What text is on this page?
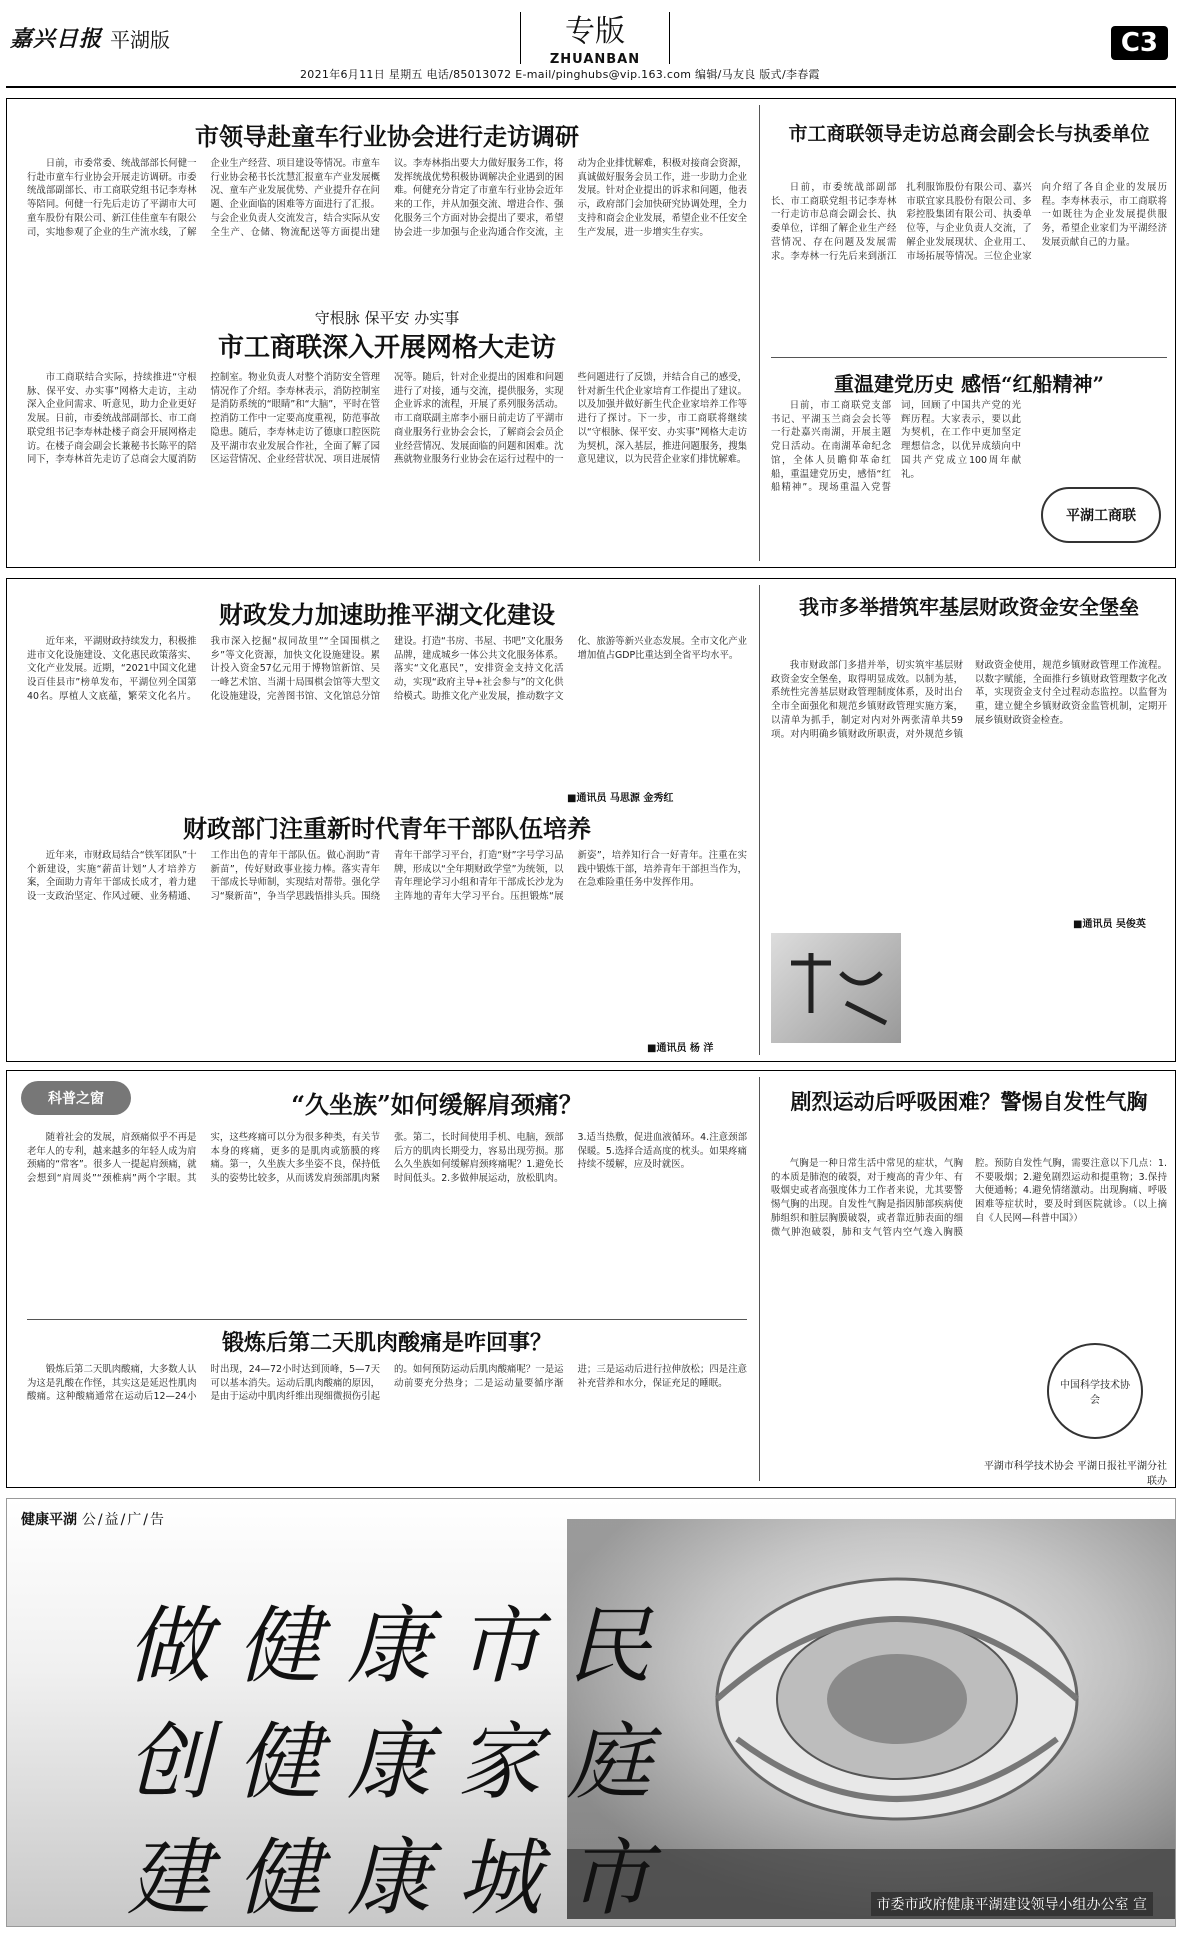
嘉兴日报 平湖版	专版
ZHUANBAN
C3
2021年6月11日 星期五 电话/85013072 E-mail/pinghubs@vip.163.com 编辑/马友良 版式/李春霞
市领导赴童车行业协会进行走访调研

日前，市委常委、统战部部长何健一行赴市童车行业协会开展走访调研。市委统战部副部长、市工商联党组书记李寿林等陪同。何健一行先后走访了平湖市大可童车股份有限公司、新江佳佳童车有限公司，实地参观了企业的生产流水线，了解企业生产经营、项目建设等情况。市童车行业协会秘书长沈慧汇报童车产业发展概况、童车产业发展优势、产业提升存在问题、企业面临的困难等方面进行了汇报。与会企业负责人交流发言，结合实际从安全生产、仓储、物流配送等方面提出建议。李寿林指出要大力做好服务工作，将发挥统战优势积极协调解决企业遇到的困难。何健充分肯定了市童车行业协会近年来的工作，并从加强交流、增进合作、强化服务三个方面对协会提出了要求，希望协会进一步加强与企业沟通合作交流，主动为企业排忧解难，积极对接商会资源，真诚做好服务会员工作，进一步助力企业发展。针对企业提出的诉求和问题，他表示，政府部门会加快研究协调处理，全力支持和商会企业发展，希望企业不任安全生产发展，进一步增实生存实。

守根脉 保平安 办实事
市工商联深入开展网格大走访

市工商联结合实际，持续推进“守根脉、保平安、办实事”网格大走访，主动深入企业问需求、听意见，助力企业更好发展。日前，市委统战部副部长、市工商联党组书记李寿林赴楼子商会开展网格走访。在楼子商会副会长兼秘书长陈平的陪同下，李寿林首先走访了总商会大厦消防控制室。物业负责人对整个消防安全管理情况作了介绍。李寿林表示，消防控制室是消防系统的“眼睛”和“大脑”，平时在管控消防工作中一定要高度重视，防范事故隐患。随后，李寿林走访了德康口腔医院及平湖市农业发展合作社，全面了解了园区运营情况、企业经营状况、项目进展情况等。随后，针对企业提出的困难和问题进行了对接，通与交流，提供服务，实现企业诉求的流程，开展了系列服务活动。市工商联副主席李小丽日前走访了平湖市商业服务行业协会会长，了解商会会员企业经营情况、发展面临的问题和困难。沈燕就物业服务行业协会在运行过程中的一些问题进行了反馈，并结合自己的感受，针对新生代企业家培育工作提出了建议。以及加强并做好新生代企业家培养工作等进行了探讨。下一步，市工商联将继续以“守根脉、保平安、办实事”网格大走访为契机，深入基层，推进问题服务，搜集意见建议，以为民营企业家们排忧解难。

市工商联领导走访总商会副会长与执委单位

日前，市委统战部副部长、市工商联党组书记李寿林一行走访市总商会副会长、执委单位，详细了解企业生产经营情况、存在问题及发展需求。李寿林一行先后来到浙江扎利服饰股份有限公司、嘉兴市联宜家具股份有限公司、多彩控股集团有限公司、执委单位等，与企业负责人交流，了解企业发展现状、企业用工、市场拓展等情况。三位企业家向介绍了各自企业的发展历程。李寿林表示，市工商联将一如既往为企业发展提供服务，希望企业家们为平湖经济发展贡献自己的力量。

重温建党历史 感悟“红船精神”

日前，市工商联党支部书记、平湖玉兰商会会长等一行赴嘉兴南湖，开展主题党日活动。在南湖革命纪念馆，全体人员瞻仰革命红船，重温建党历史，感悟“红船精神”。现场重温入党誓词，回顾了中国共产党的光辉历程。大家表示，要以此为契机，在工作中更加坚定理想信念，以优异成绩向中国共产党成立100周年献礼。

平湖工商联
财政发力加速助推平湖文化建设

近年来，平湖财政持续发力，积极推进市文化设施建设、文化惠民政策落实、文化产业发展。近期，“2021中国文化建设百佳县市”榜单发布，平湖位列全国第40名。厚植人文底蕴，繁荣文化名片。我市深入挖掘“叔同故里”“全国围棋之乡”等文化资源，加快文化设施建设。累计投入资金57亿元用于博物馆新馆、吴一峰艺术馆、当湖十局围棋会馆等大型文化设施建设，完善图书馆、文化馆总分馆建设。打造“书房、书屋、书吧”文化服务品牌，建成城乡一体公共文化服务体系。落实“文化惠民”，安排资金支持文化活动，实现“政府主导+社会参与”的文化供给模式。助推文化产业发展，推动数字文化、旅游等新兴业态发展。全市文化产业增加值占GDP比重达到全省平均水平。

■通讯员 马思源 金秀红
财政部门注重新时代青年干部队伍培养

近年来，市财政局结合“铁军团队”十个新建设，实施“薪苗计划”人才培养方案，全面助力青年干部成长成才，着力建设一支政治坚定、作风过硬、业务精通、工作出色的青年干部队伍。做心润助“青新苗”，传好财政事业接力棒。落实青年干部成长导师制，实现结对帮带。强化学习“聚新苗”，争当学思践悟排头兵。围绕青年干部学习平台，打造“财”字号学习品牌，形成以“全年期财政学堂”为统领，以青年理论学习小组和青年干部成长沙龙为主阵地的青年大学习平台。压担锻炼“展新姿”，培养知行合一好青年。注重在实践中锻炼干部，培养青年干部担当作为，在急难险重任务中发挥作用。

■通讯员 杨 洋
我市多举措筑牢基层财政资金安全堡垒

我市财政部门多措并举，切实筑牢基层财政资金安全堡垒，取得明显成效。以制为基，系统性完善基层财政管理制度体系，及时出台全市全面强化和规范乡镇财政管理实施方案，以清单为抓手，制定对内对外两张清单共59项。对内明确乡镇财政所职责，对外规范乡镇财政资金使用，规范乡镇财政管理工作流程。以数字赋能，全面推行乡镇财政管理数字化改革，实现资金支付全过程动态监控。以监督为重，建立健全乡镇财政资金监管机制，定期开展乡镇财政资金检查。

■通讯员 吴俊英
科普之窗	“久坐族”如何缓解肩颈痛？

随着社会的发展，肩颈痛似乎不再是老年人的专利，越来越多的年轻人成为肩颈痛的“常客”。很多人一提起肩颈痛，就会想到“肩周炎”“颈椎病”两个字眼。其实，这些疼痛可以分为很多种类，有关节本身的疼痛，更多的是肌肉或筋膜的疼痛。第一，久坐族大多坐姿不良，保持低头的姿势比较多，从而诱发肩颈部肌肉紧张。第二，长时间使用手机、电脑，颈部后方的肌肉长期受力，容易出现劳损。那么久坐族如何缓解肩颈疼痛呢？1.避免长时间低头。2.多做伸展运动，放松肌肉。3.适当热敷，促进血液循环。4.注意颈部保暖。5.选择合适高度的枕头。如果疼痛持续不缓解，应及时就医。

锻炼后第二天肌肉酸痛是咋回事？

锻炼后第二天肌肉酸痛，大多数人认为这是乳酸在作怪，其实这是延迟性肌肉酸痛。这种酸痛通常在运动后12—24小时出现，24—72小时达到顶峰，5—7天可以基本消失。运动后肌肉酸痛的原因，是由于运动中肌肉纤维出现细微损伤引起的。如何预防运动后肌肉酸痛呢？一是运动前要充分热身；二是运动量要循序渐进；三是运动后进行拉伸放松；四是注意补充营养和水分，保证充足的睡眠。

剧烈运动后呼吸困难？警惕自发性气胸

气胸是一种日常生活中常见的症状，气胸的本质是肺泡的破裂，对于瘦高的青少年、有吸烟史或者高强度体力工作者来说，尤其要警惕气胸的出现。自发性气胸是指因肺部疾病使肺组织和脏层胸膜破裂，或者靠近肺表面的细微气肿泡破裂，肺和支气管内空气逸入胸膜腔。预防自发性气胸，需要注意以下几点：1.不要吸烟；2.避免剧烈运动和提重物；3.保持大便通畅；4.避免情绪激动。出现胸痛、呼吸困难等症状时，要及时到医院就诊。（以上摘自《人民网—科普中国》）

中国科学技术协会
平湖市科学技术协会 平湖日报社平湖分社 联办
健康平湖 公/益/广/告
做健康市民
创健康家庭
建健康城市	市委市政府健康平湖建设领导小组办公室 宣
